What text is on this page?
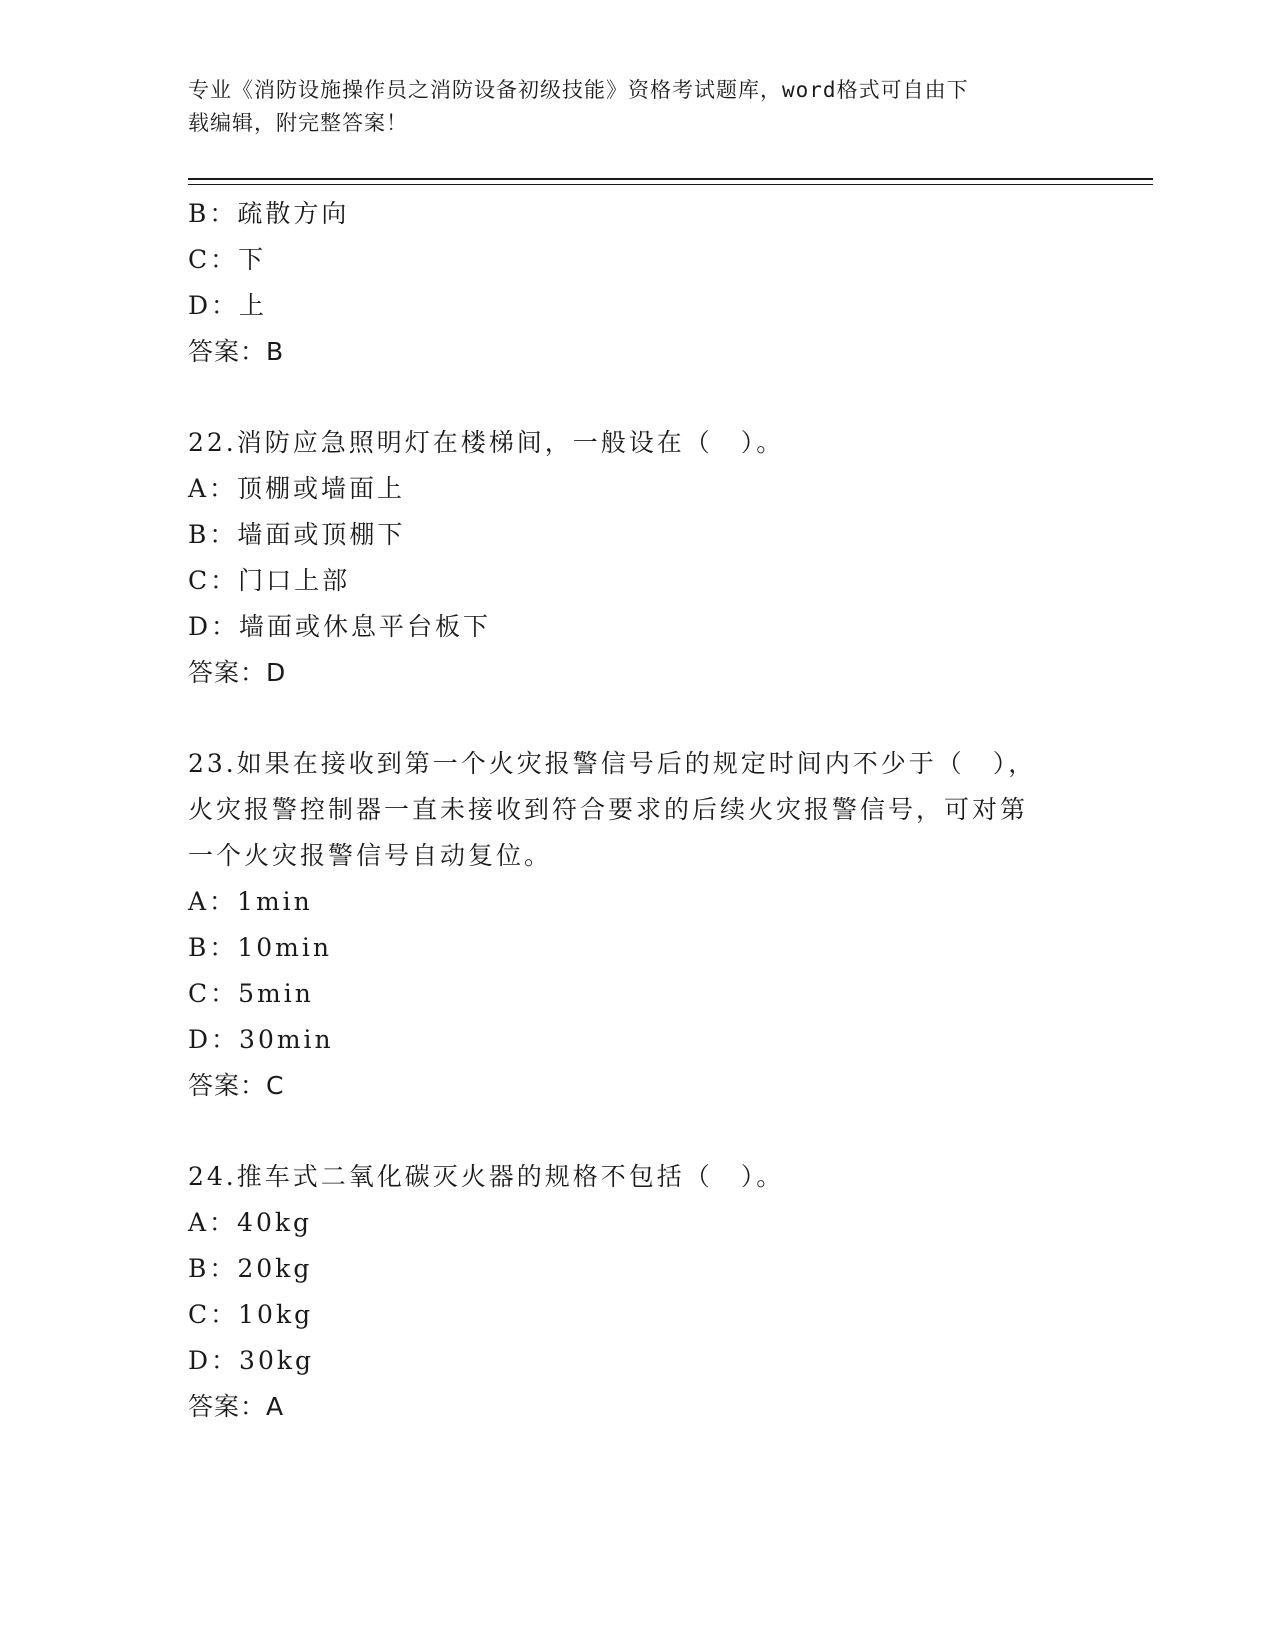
专业《消防设施操作员之消防设备初级技能》资格考试题库，word格式可自由下
载编辑，附完整答案！
B：疏散方向
C：下
D：上
答案：B
22.消防应急照明灯在楼梯间，一般设在（　）。
A：顶棚或墙面上
B：墙面或顶棚下
C：门口上部
D：墙面或休息平台板下
答案：D
23.如果在接收到第一个火灾报警信号后的规定时间内不少于（　），
火灾报警控制器一直未接收到符合要求的后续火灾报警信号，可对第
一个火灾报警信号自动复位。
A：1min
B：10min
C：5min
D：30min
答案：C
24.推车式二氧化碳灭火器的规格不包括（　）。
A：40kg
B：20kg
C：10kg
D：30kg
答案：A
